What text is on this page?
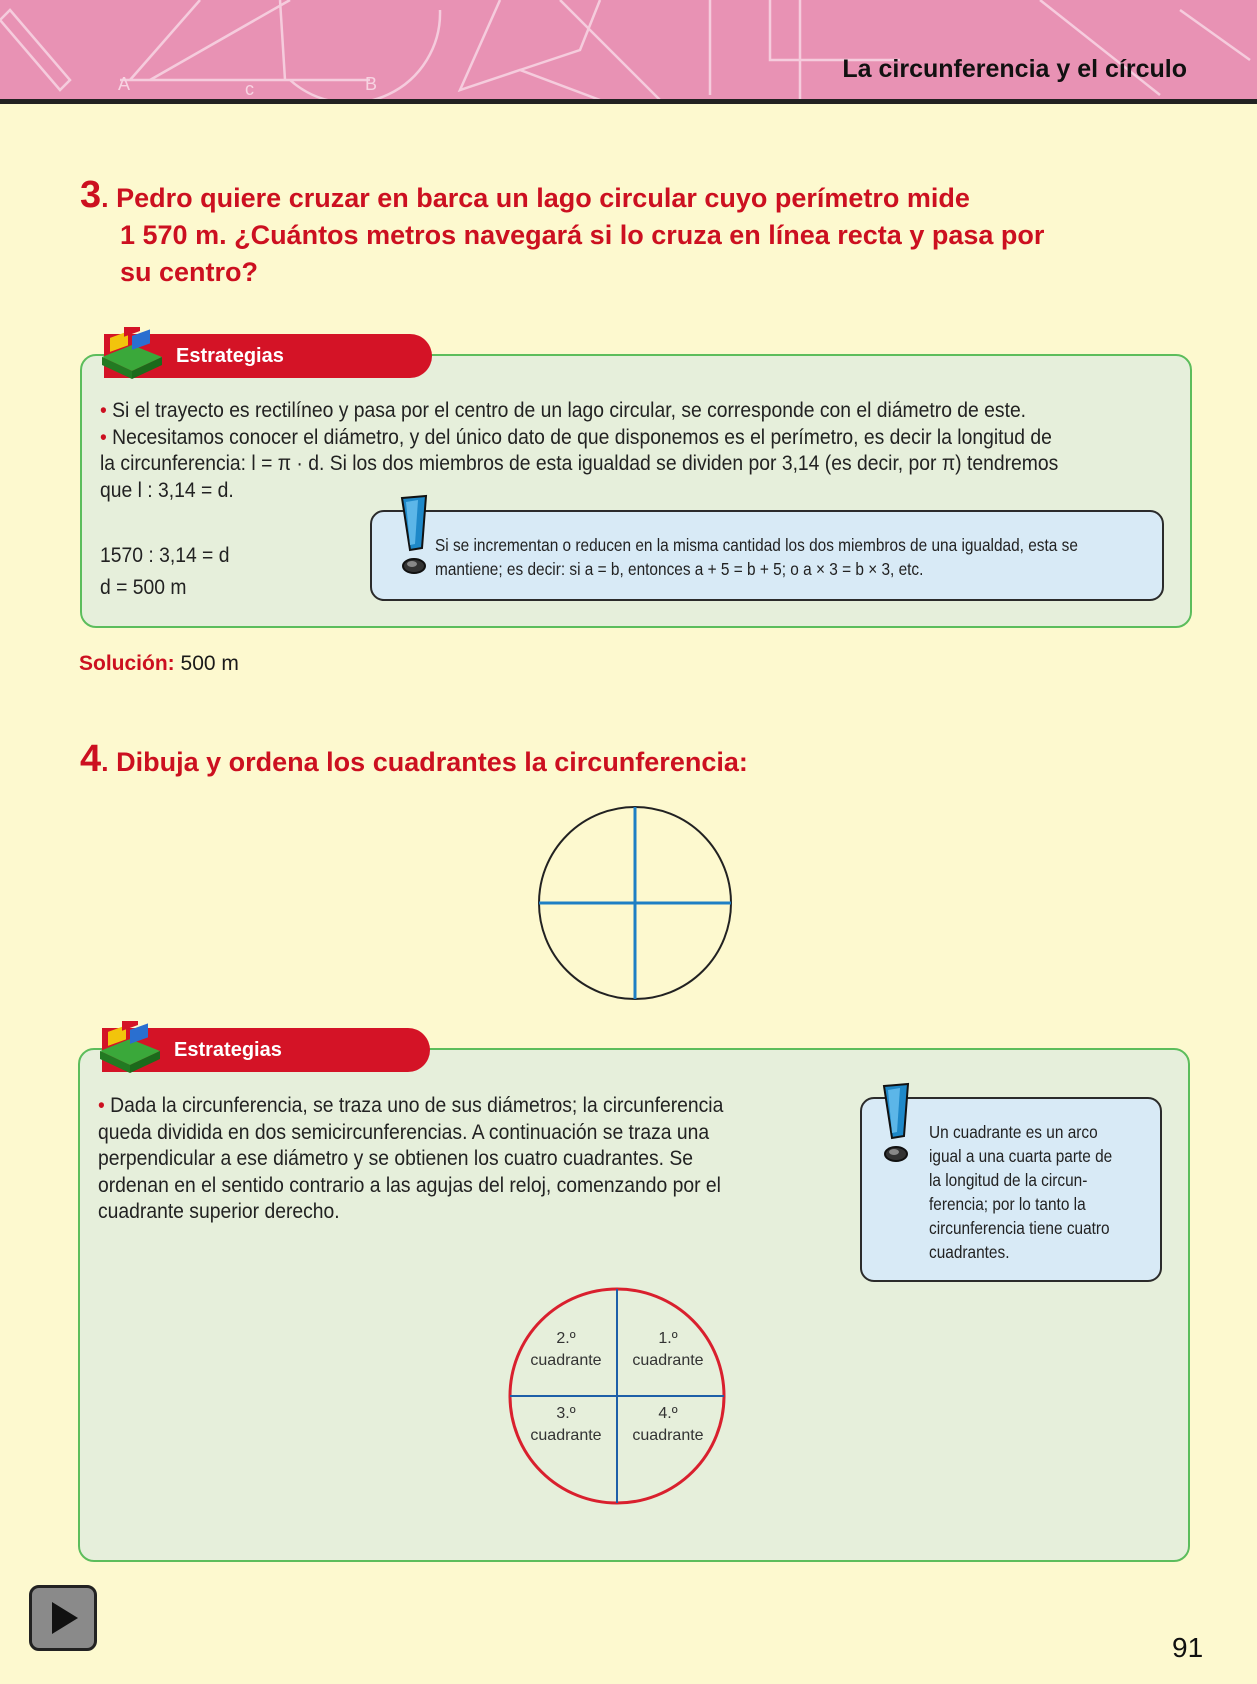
A	B
c
La circunferencia y el círculo
3. Pedro quiere cruzar en barca un lago circular cuyo perímetro mide
1 570 m. ¿Cuántos metros navegará si lo cruza en línea recta y pasa por
su centro?
Estrategias
• Si el trayecto es rectilíneo y pasa por el centro de un lago circular, se corresponde con el diámetro de este.
• Necesitamos conocer el diámetro, y del único dato de que disponemos es el perímetro, es decir la longitud de
la circunferencia: l = π · d. Si los dos miembros de esta igualdad se dividen por 3,14 (es decir, por π) tendremos
que l : 3,14 = d.
1570 : 3,14 = d
d = 500 m
Si se incrementan o reducen en la misma cantidad los dos miembros de una igualdad, esta se
mantiene; es decir: si a = b, entonces a + 5 = b + 5; o a × 3 = b × 3, etc.
Solución: 500 m
4. Dibuja y ordena los cuadrantes la circunferencia:
Estrategias
• Dada la circunferencia, se traza uno de sus diámetros; la circunferencia
queda dividida en dos semicircunferencias. A continuación se traza una
perpendicular a ese diámetro y se obtienen los cuatro cuadrantes. Se
ordenan en el sentido contrario a las agujas del reloj, comenzando por el
cuadrante superior derecho.
Un cuadrante es un arco
igual a una cuarta parte de
la longitud de la circun-
ferencia; por lo tanto la
circunferencia tiene cuatro
cuadrantes.
2.º
cuadrante
1.º
cuadrante
3.º
cuadrante
4.º
cuadrante
91
